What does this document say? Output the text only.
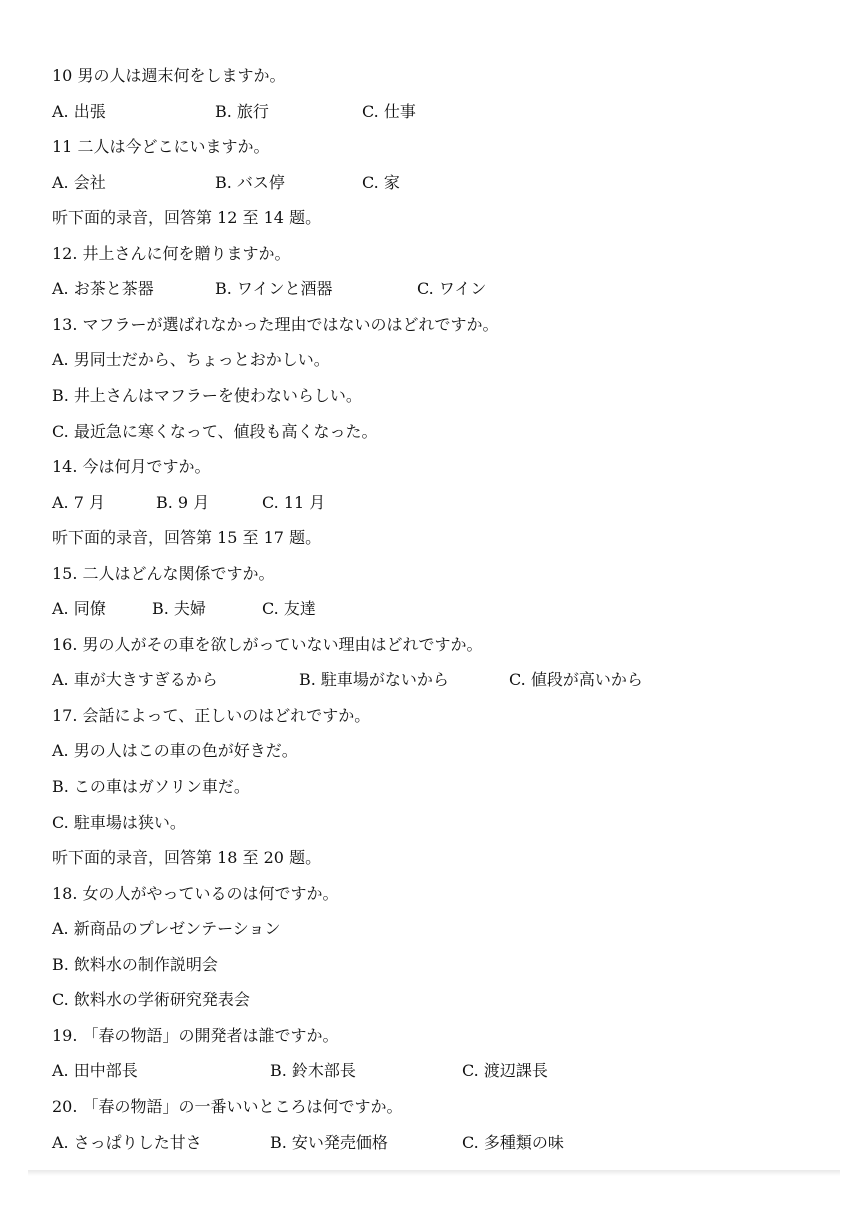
10 男の人は週末何をしますか。
A. 出張	B. 旅行	C. 仕事
11 二人は今どこにいますか。
A. 会社	B. バス停	C. 家
听下面的录音，回答第 12 至 14 题。
12. 井上さんに何を贈りますか。
A. お茶と茶器	B. ワインと酒器	C. ワイン
13. マフラーが選ばれなかった理由ではないのはどれですか。
A. 男同士だから、ちょっとおかしい。
B. 井上さんはマフラーを使わないらしい。
C. 最近急に寒くなって、値段も高くなった。
14. 今は何月ですか。
A. 7 月	B. 9 月	C. 11 月
听下面的录音，回答第 15 至 17 题。
15. 二人はどんな関係ですか。
A. 同僚	B. 夫婦	C. 友達
16. 男の人がその車を欲しがっていない理由はどれですか。
A. 車が大きすぎるから	B. 駐車場がないから	C. 値段が高いから
17. 会話によって、正しいのはどれですか。
A. 男の人はこの車の色が好きだ。
B. この車はガソリン車だ。
C. 駐車場は狭い。
听下面的录音，回答第 18 至 20 题。
18. 女の人がやっているのは何ですか。
A. 新商品のプレゼンテーション
B. 飲料水の制作説明会
C. 飲料水の学術研究発表会
19. 「春の物語」の開発者は誰ですか。
A. 田中部長	B. 鈴木部長	C. 渡辺課長
20. 「春の物語」の一番いいところは何ですか。
A. さっぱりした甘さ	B. 安い発売価格	C. 多種類の味
